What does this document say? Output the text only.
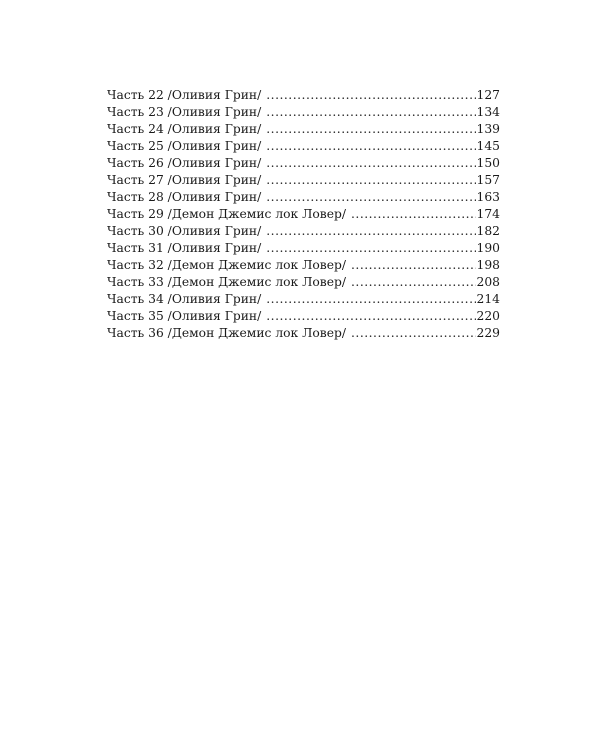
Часть 22 /Оливия Грин/ .....	127
Часть 23 /Оливия Грин/ .....	134
Часть 24 /Оливия Грин/ .....	139
Часть 25 /Оливия Грин/ .....	145
Часть 26 /Оливия Грин/ .....	150
Часть 27 /Оливия Грин/ .....	157
Часть 28 /Оливия Грин/ .....	163
Часть 29 /Демон Джемис лок Ловер/ .....	174
Часть 30 /Оливия Грин/ .....	182
Часть 31 /Оливия Грин/ .....	190
Часть 32 /Демон Джемис лок Ловер/ .....	198
Часть 33 /Демон Джемис лок Ловер/ .....	208
Часть 34 /Оливия Грин/ .....	214
Часть 35 /Оливия Грин/ .....	220
Часть 36 /Демон Джемис лок Ловер/ .....	229
